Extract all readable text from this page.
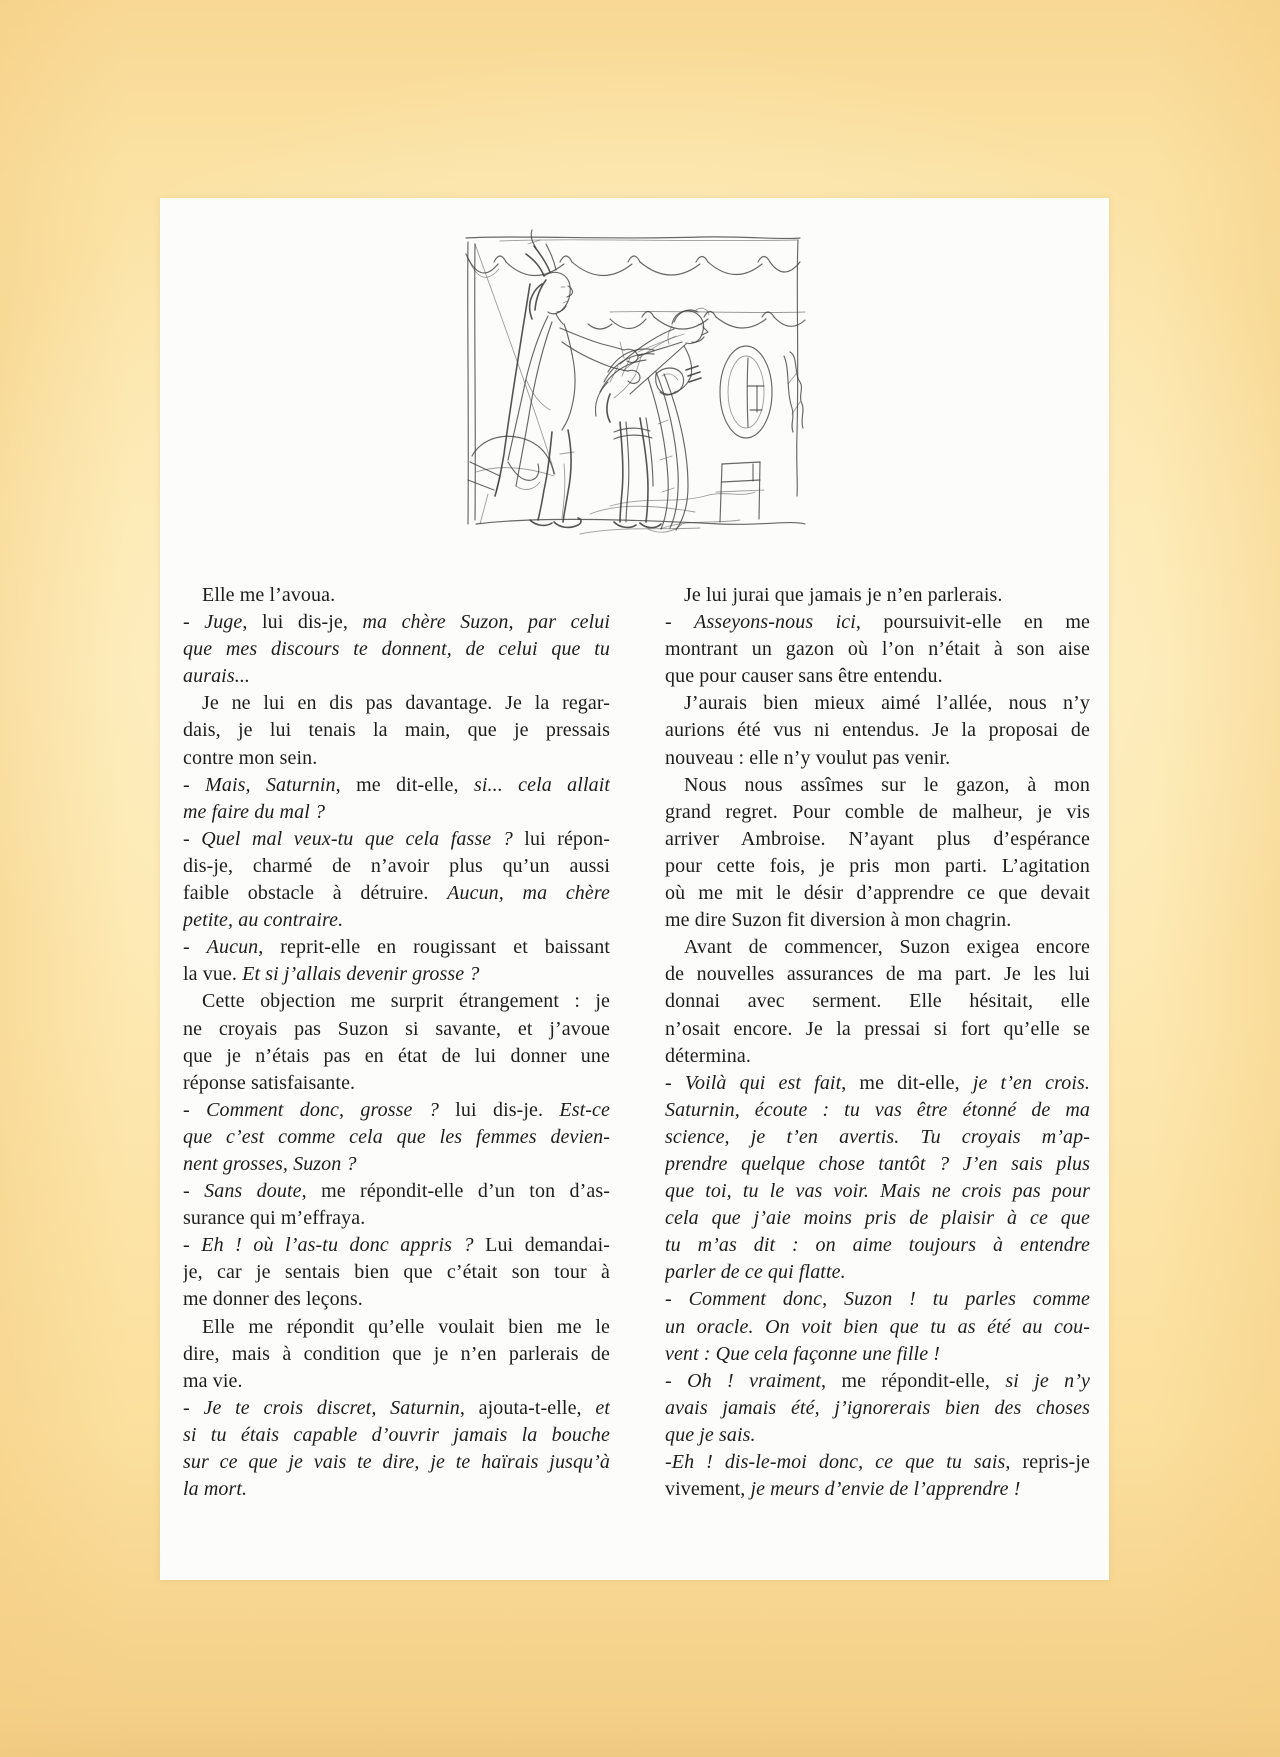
Elle me l’avoua.
- Juge, lui dis-je, ma chère Suzon, par celui
que mes discours te donnent, de celui que tu
aurais...
Je ne lui en dis pas davantage. Je la regar-
dais, je lui tenais la main, que je pressais
contre mon sein.
- Mais, Saturnin, me dit-elle, si... cela allait
me faire du mal ?
- Quel mal veux-tu que cela fasse ? lui répon-
dis-je, charmé de n’avoir plus qu’un aussi
faible obstacle à détruire. Aucun, ma chère
petite, au contraire.
- Aucun, reprit-elle en rougissant et baissant
la vue. Et si j’allais devenir grosse ?
Cette objection me surprit étrangement : je
ne croyais pas Suzon si savante, et j’avoue
que je n’étais pas en état de lui donner une
réponse satisfaisante.
- Comment donc, grosse ? lui dis-je. Est-ce
que c’est comme cela que les femmes devien-
nent grosses, Suzon ?
- Sans doute, me répondit-elle d’un ton d’as-
surance qui m’effraya.
- Eh ! où l’as-tu donc appris ? Lui demandai-
je, car je sentais bien que c’était son tour à
me donner des leçons.
Elle me répondit qu’elle voulait bien me le
dire, mais à condition que je n’en parlerais de
ma vie.
- Je te crois discret, Saturnin, ajouta-t-elle, et
si tu étais capable d’ouvrir jamais la bouche
sur ce que je vais te dire, je te haïrais jusqu’à
la mort.
Je lui jurai que jamais je n’en parlerais.
- Asseyons-nous ici, poursuivit-elle en me
montrant un gazon où l’on n’était à son aise
que pour causer sans être entendu.
J’aurais bien mieux aimé l’allée, nous n’y
aurions été vus ni entendus. Je la proposai de
nouveau : elle n’y voulut pas venir.
Nous nous assîmes sur le gazon, à mon
grand regret. Pour comble de malheur, je vis
arriver Ambroise. N’ayant plus d’espérance
pour cette fois, je pris mon parti. L’agitation
où me mit le désir d’apprendre ce que devait
me dire Suzon fit diversion à mon chagrin.
Avant de commencer, Suzon exigea encore
de nouvelles assurances de ma part. Je les lui
donnai avec serment. Elle hésitait, elle
n’osait encore. Je la pressai si fort qu’elle se
détermina.
- Voilà qui est fait, me dit-elle, je t’en crois.
Saturnin, écoute : tu vas être étonné de ma
science, je t’en avertis. Tu croyais m’ap-
prendre quelque chose tantôt ? J’en sais plus
que toi, tu le vas voir. Mais ne crois pas pour
cela que j’aie moins pris de plaisir à ce que
tu m’as dit : on aime toujours à entendre
parler de ce qui flatte.
- Comment donc, Suzon ! tu parles comme
un oracle. On voit bien que tu as été au cou-
vent : Que cela façonne une fille !
- Oh ! vraiment, me répondit-elle, si je n’y
avais jamais été, j’ignorerais bien des choses
que je sais.
-Eh ! dis-le-moi donc, ce que tu sais, repris-je
vivement, je meurs d’envie de l’apprendre !
